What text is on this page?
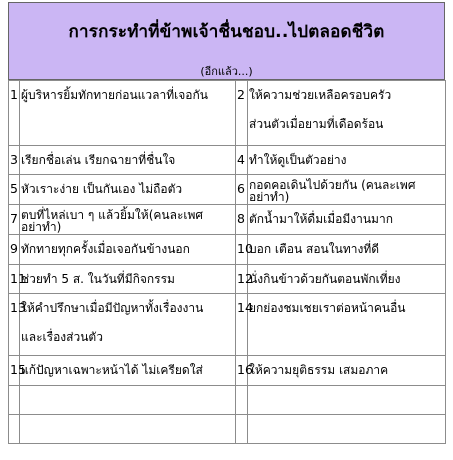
การกระทำที่ข้าพเจ้าชื่นชอบ..ไปตลอดชีวิต
(อีกแล้ว...)
1	ผู้บริหารยิ้มทักทายก่อนแวลาที่เจอกัน	2	ให้ความช่วยเหลือครอบครัว
ส่วนตัวเมื่อยามที่เดือดร้อน

3	เรียกชื่อเล่น เรียกฉายาที่ชื่นใจ	4	ทำให้ดูเป็นตัวอย่าง
5	หัวเราะง่าย เป็นกันเอง ไม่ถือตัว	6	กอดคอเดินไปด้วยกัน (คนละเพศ
อย่าทำ)
7	ตบที่ไหล่เบา ๆ แล้วยิ้มให้(คนละเพศ
อย่าทำ)	8	ตักน้ำมาให้ดื่มเมื่อมีงานมาก
9	ทักทายทุกครั้งเมื่อเจอกันข้างนอก	10	บอก เตือน สอนในทางที่ดี
11	ช่วยทำ 5 ส. ในวันที่มีกิจกรรม	12	นั่งกินข้าวด้วยกันตอนพักเที่ยง
13	ให้คำปรึกษาเมื่อมีปัญหาทั้งเรื่องงาน
และเรื่องส่วนตัว	14	ยกย่องชมเชยเราต่อหน้าคนอื่น
15	แก้ปัญหาเฉพาะหน้าได้ ไม่เครียดใส่	16	ให้ความยุติธรรม เสมอภาค
